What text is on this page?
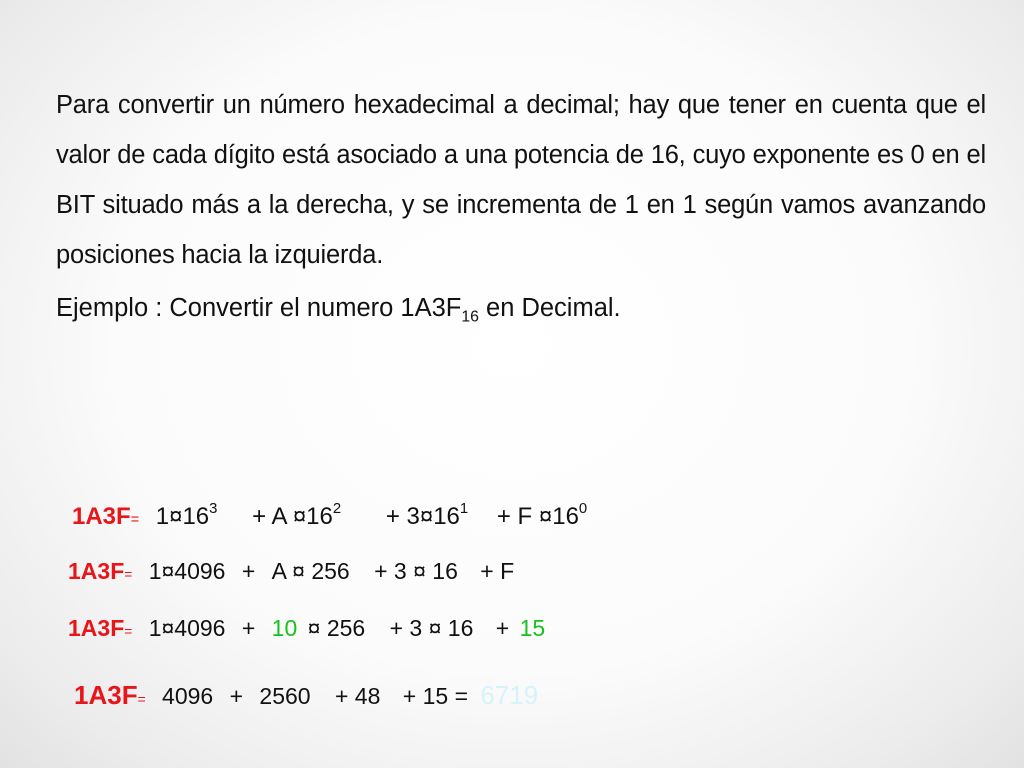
Para convertir un número hexadecimal a decimal; hay que tener en cuenta que el valor de cada dígito está asociado a una potencia de 16, cuyo exponente es 0 en el BIT situado más a la derecha, y se incrementa de 1 en 1 según vamos avanzando posiciones hacia la izquierda.

Ejemplo : Convertir el numero $1A3F_{16}$ en Decimal.
$1A3F= 1¤16^3 + A$ $¤16^2$ + $3¤16^1 + F$ $¤16^0$
1A3F= 1¤4096 + A ¤ 256 + 3 ¤ 16 + F
1A3F= 1¤4096 + 10 ¤ 256 + 3 ¤ 16 + 15
1A3F= 4096 + 2560 + 48 + 15 = 6719
